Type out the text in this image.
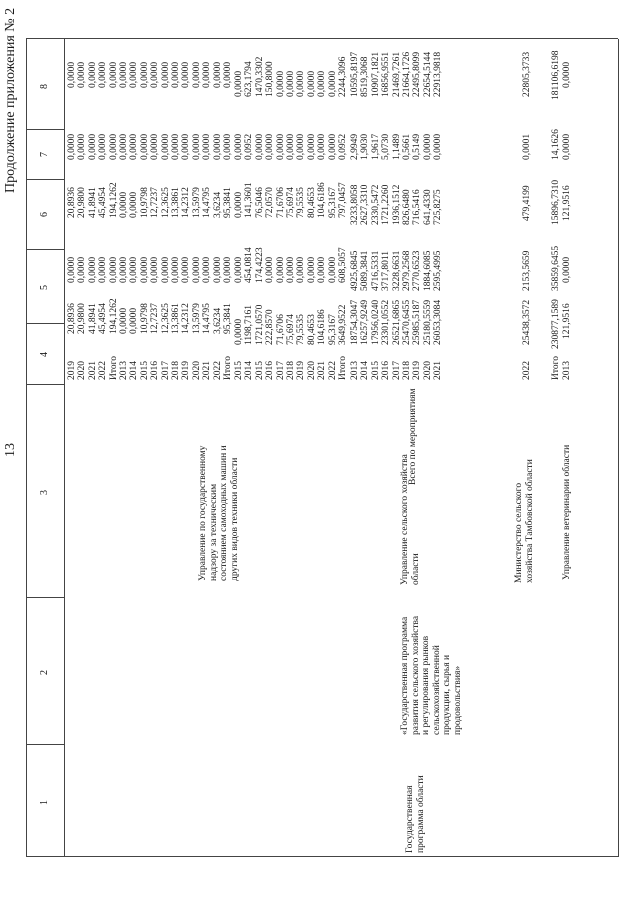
13
Продолжение приложения № 2
1
2
3
4
5
6
7
8
Управление по государственному
надзору за техническим
состоянием самоходных машин и
других видов техники области
2019
2020
2021
2022
Итого
2013
2014
2015
2016
2017
2018
2019
2020
2021
2022
Итого
20,8936
20,9800
41,8941
45,4954
194,1262
0,0000
0,0000
10,9798
12,7237
12,3625
13,3861
14,2312
13,5979
14,4795
3,6234
95,3841
0,0000
0,0000
0,0000
0,0000
0,0000
0,0000
0,0000
0,0000
0,0000
0,0000
0,0000
0,0000
0,0000
0,0000
0,0000
0,0000
20,8936
20,9800
41,8941
45,4954
194,1262
0,0000
0,0000
10,9798
12,7237
12,3625
13,3861
14,2312
13,5979
14,4795
3,6234
95,3841
0,0000
0,0000
0,0000
0,0000
0,0000
0,0000
0,0000
0,0000
0,0000
0,0000
0,0000
0,0000
0,0000
0,0000
0,0000
0,0000
0,0000
0,0000
0,0000
0,0000
0,0000
0,0000
0,0000
0,0000
0,0000
0,0000
0,0000
0,0000
0,0000
0,0000
0,0000
0,0000
Всего по мероприятиям
2015
2014
2015
2016
2017
2018
2019
2020
2021
2022
Итого
0,0000
1198,7161
1721,0570
222,8570
71,6706
75,6974
79,5535
80,4653
104,6186
95,3167
3649,9522
0,0000
454,0814
174,4223
0,0000
0,0000
0,0000
0,0000
0,0000
0,0000
0,0000
608,5057
0,0000
141,3601
76,5046
72,0570
71,6706
75,6974
79,5535
80,4653
104,6186
95,3167
797,0457
0,0000
0,0952
0,0000
0,0000
0,0000
0,0000
0,0000
0,0000
0,0000
0,0000
0,0952
0,0000
623,1794
1470,3302
150,8000
0,0000
0,0000
0,0000
0,0000
0,0000
0,0000
2244,3096
Государственная
программа области
«Государственная программа
развития сельского хозяйства
и регулирования рынков
сельскохозяйственной
продукции, сырья и
продовольствия»
Управление сельского хозяйства
области
2013
2014
2015
2016
2017
2018
2019
2020
2021
18754,3047
16257,9249
17956,0240
23301,0552
26521,6865
25470,6455
25985,5187
25180,5559
26053,3084
4925,6845
5089,3841
4716,5331
3717,8011
3228,6631
2979,2568
2770,6523
1884,6085
2595,4995
3233,8058
2627,3310
2330,5472
1721,2260
1936,1512
826,6480
716,5416
641,4330
725,8275
2,9949
1,9030
1,9617
5,0730
1,1489
0,5661
0,5149
0,0000
0,0000
10595,8197
8519,3068
10907,1821
16856,9551
21469,7261
21664,1726
22495,8099
22654,5144
22913,9818
Министерство сельского
хозяйства Тамбовской области
2022
25438,3572
2153,5659
479,4199
0,0001
22805,3733
Итого
230877,1589
35859,6455
15896,7310
14,1626
181106,6198
Управление ветеринарии области
2013
121,9516
0,0000
121,9516
0,0000
0,0000
